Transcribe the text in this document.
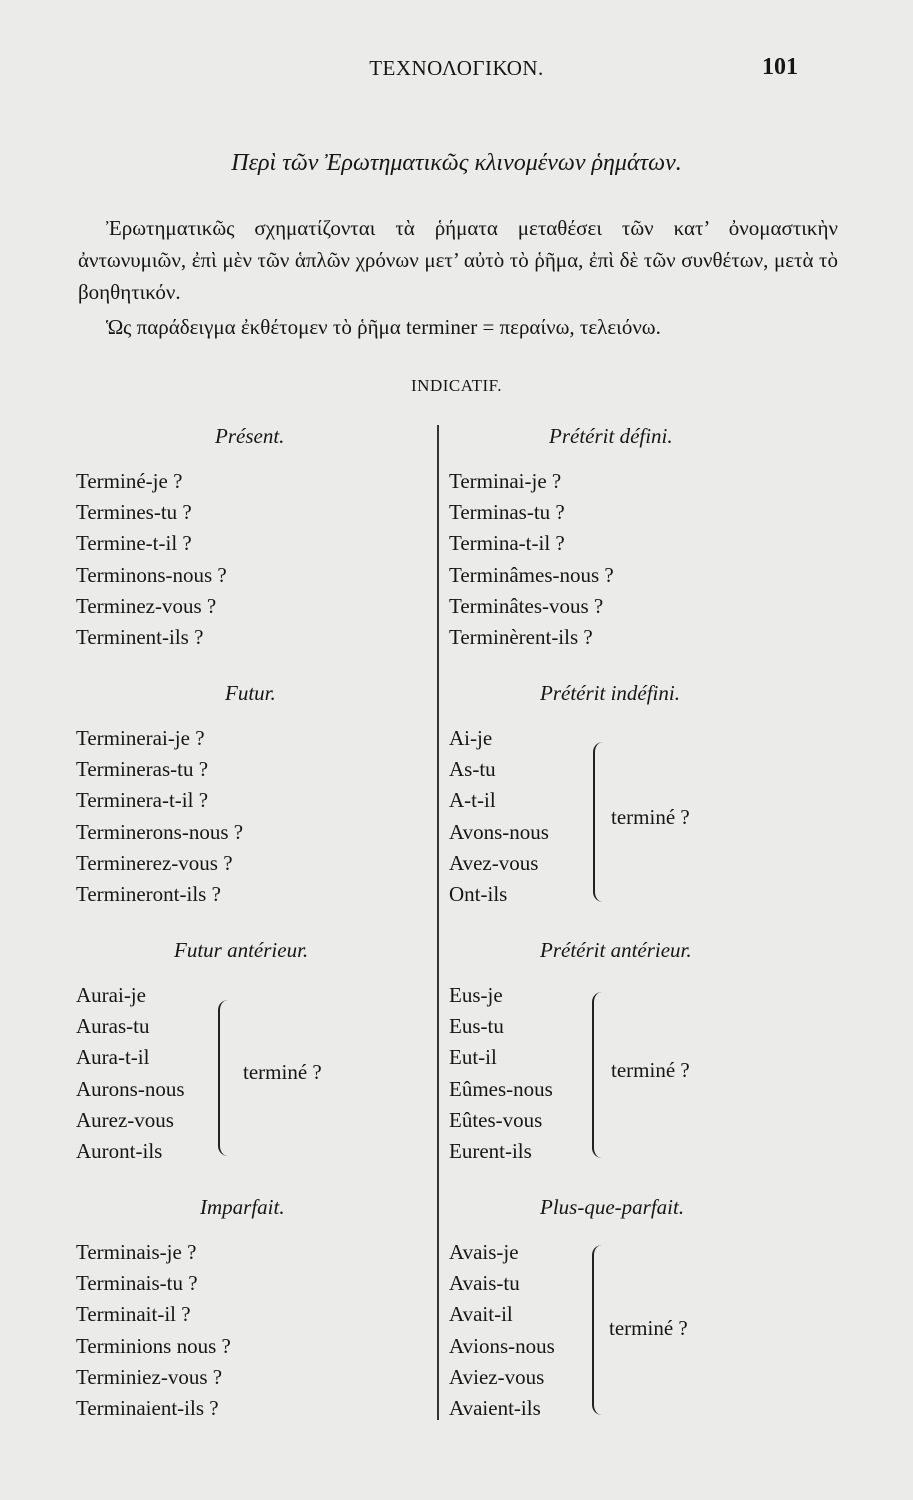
ΤΕΧΝΟΛΟΓΙΚΟΝ.	101
Περὶ τῶν Ἐρωτηματικῶς κλινομένων ῥημάτων.
Ἐρωτηματικῶς σχηματίζονται τὰ ῥήματα μεταθέσει τῶν κατ’ ὀνομαστικὴν ἀντωνυμιῶν, ἐπὶ μὲν τῶν ἁπλῶν χρόνων μετ’ αὐτὸ τὸ ῥῆμα, ἐπὶ δὲ τῶν συνθέτων, μετὰ τὸ βοηθητικόν.
Ὡς παράδειγμα ἐκθέτομεν τὸ ῥῆμα terminer = περαίνω, τελειόνω.
INDICATIF.
Présent.
Terminé-je ?
Termines-tu ?
Termine-t-il ?
Terminons-nous ?
Terminez-vous ?
Terminent-ils ?
Prétérit défini.
Terminai-je ?
Terminas-tu ?
Termina-t-il ?
Terminâmes-nous ?
Terminâtes-vous ?
Terminèrent-ils ?
Futur.
Terminerai-je ?
Termineras-tu ?
Terminera-t-il ?
Terminerons-nous ?
Terminerez-vous ?
Termineront-ils ?
Prétérit indéfini.
Ai-je
As-tu
A-t-il
Avons-nous
Avez-vous
Ont-ils
terminé ?
Futur antérieur.
Aurai-je
Auras-tu
Aura-t-il
Aurons-nous
Aurez-vous
Auront-ils
terminé ?
Prétérit antérieur.
Eus-je
Eus-tu
Eut-il
Eûmes-nous
Eûtes-vous
Eurent-ils
terminé ?
Imparfait.
Terminais-je ?
Terminais-tu ?
Terminait-il ?
Terminions nous ?
Terminiez-vous ?
Terminaient-ils ?
Plus-que-parfait.
Avais-je
Avais-tu
Avait-il
Avions-nous
Aviez-vous
Avaient-ils
terminé ?
